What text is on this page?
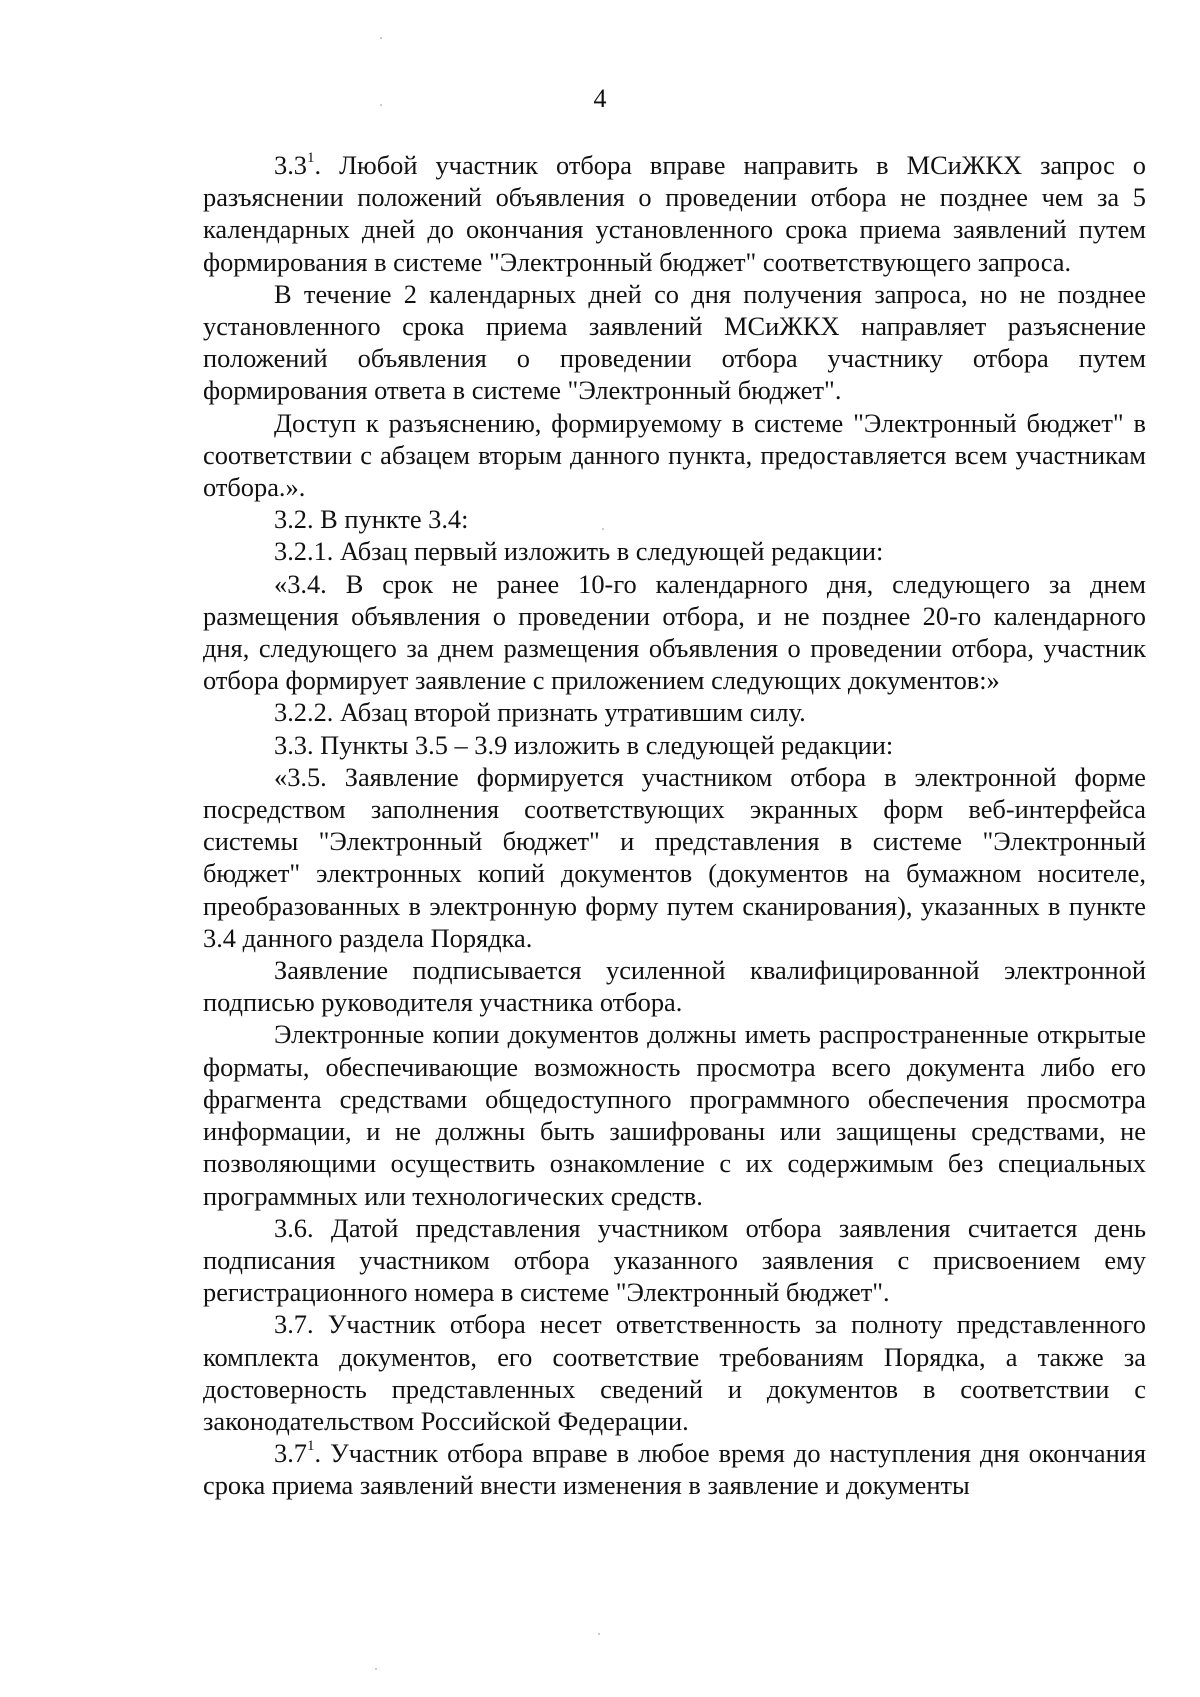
4

$3.3^1$. Любой участник отбора вправе направить в МСиЖКХ запрос о разъяснении положений объявления о проведении отбора не позднее чем за 5 календарных дней до окончания установленного срока приема заявлений путем формирования в системе "Электронный бюджет" соответствующего запроса.

В течение 2 календарных дней со дня получения запроса, но не позднее установленного срока приема заявлений МСиЖКХ направляет разъяснение положений объявления о проведении отбора участнику отбора путем формирования ответа в системе "Электронный бюджет".

Доступ к разъяснению, формируемому в системе "Электронный бюджет" в соответствии с абзацем вторым данного пункта, предоставляется всем участникам отбора.».

3.2. В пункте 3.4:

3.2.1. Абзац первый изложить в следующей редакции:

«3.4. В срок не ранее 10-го календарного дня, следующего за днем размещения объявления о проведении отбора, и не позднее 20-го календарного дня, следующего за днем размещения объявления о проведении отбора, участник отбора формирует заявление с приложением следующих документов:»

3.2.2. Абзац второй признать утратившим силу.

3.3. Пункты 3.5 – 3.9 изложить в следующей редакции:

«3.5. Заявление формируется участником отбора в электронной форме посредством заполнения соответствующих экранных форм веб-интерфейса системы "Электронный бюджет" и представления в системе "Электронный бюджет" электронных копий документов (документов на бумажном носителе, преобразованных в электронную форму путем сканирования), указанных в пункте 3.4 данного раздела Порядка.

Заявление подписывается усиленной квалифицированной электронной подписью руководителя участника отбора.

Электронные копии документов должны иметь распространенные открытые форматы, обеспечивающие возможность просмотра всего документа либо его фрагмента средствами общедоступного программного обеспечения просмотра информации, и не должны быть зашифрованы или защищены средствами, не позволяющими осуществить ознакомление с их содержимым без специальных программных или технологических средств.

3.6. Датой представления участником отбора заявления считается день подписания участником отбора указанного заявления с присвоением ему регистрационного номера в системе "Электронный бюджет".

3.7. Участник отбора несет ответственность за полноту представленного комплекта документов, его соответствие требованиям Порядка, а также за достоверность представленных сведений и документов в соответствии с законодательством Российской Федерации.

$3.7^1$. Участник отбора вправе в любое время до наступления дня окончания срока приема заявлений внести изменения в заявление и документы
